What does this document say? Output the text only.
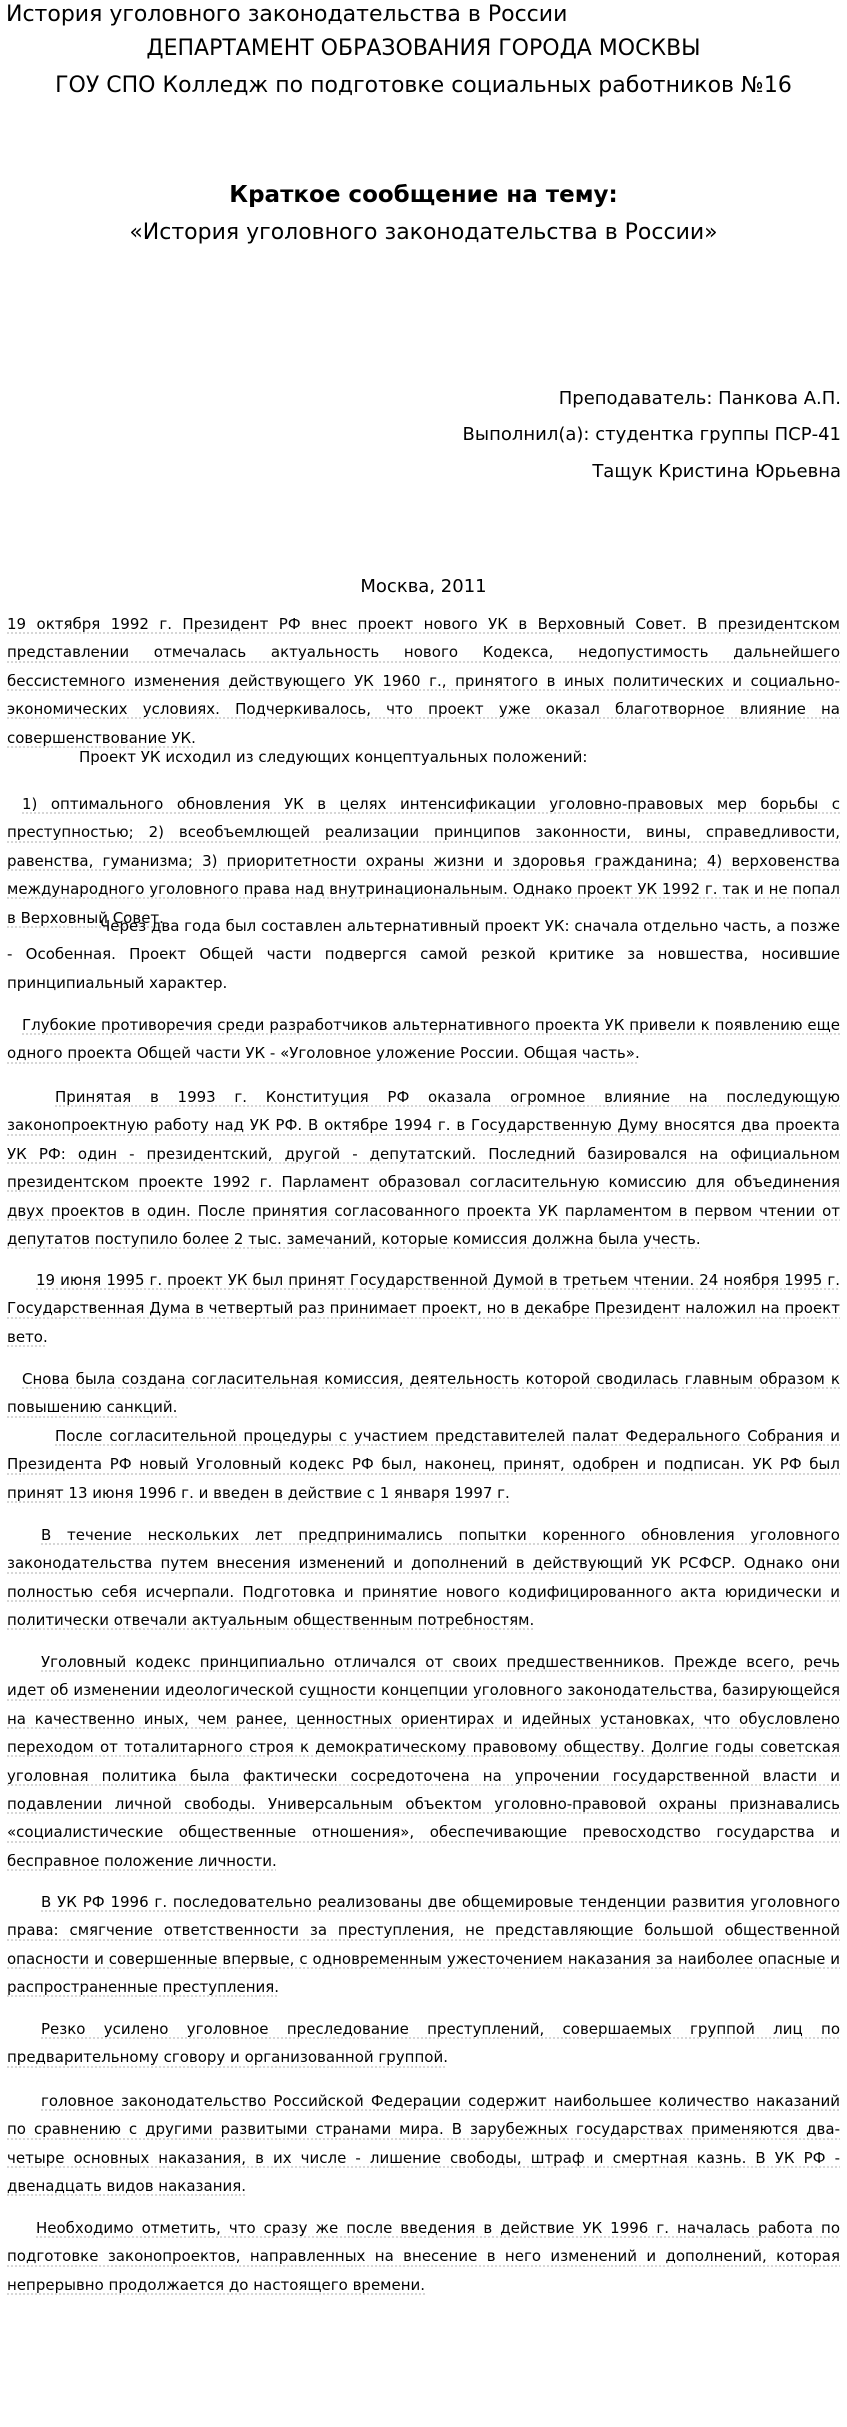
История уголовного законодательства в России
ДЕПАРТАМЕНТ ОБРАЗОВАНИЯ ГОРОДА МОСКВЫ
ГОУ СПО Колледж по подготовке социальных работников №16
Краткое сообщение на тему:
«История уголовного законодательства в России»
Преподаватель: Панкова А.П.
Выполнил(а): студентка группы ПСР-41
Тащук Кристина Юрьевна
Москва, 2011
19 октября 1992 г. Президент РФ внес проект нового УК в Верховный Совет. В президентском представлении отмечалась актуальность нового Кодекса, недопустимость дальнейшего бессистемного изменения действующего УК 1960 г., принятого в иных политических и социально-экономических условиях. Подчеркивалось, что проект уже оказал благотворное влияние на совершенствование УК.
Проект УК исходил из следующих концептуальных положений:
1) оптимального обновления УК в целях интенсификации уголовно-правовых мер борьбы с преступностью; 2) всеобъемлющей реализации принципов законности, вины, справедливости, равенства, гуманизма; 3) приоритетности охраны жизни и здоровья гражданина; 4) верховенства международного уголовного права над внутринациональным. Однако проект УК 1992 г. так и не попал в Верховный Совет.
Через два года был составлен альтернативный проект УК: сначала отдельно часть, а позже - Особенная. Проект Общей части подвергся самой резкой критике за новшества, носившие принципиальный характер.
Глубокие противоречия среди разработчиков альтернативного проекта УК привели к появлению еще одного проекта Общей части УК - «Уголовное уложение России. Общая часть».
Принятая в 1993 г. Конституция РФ оказала огромное влияние на последующую законопроектную работу над УК РФ. В октябре 1994 г. в Государственную Думу вносятся два проекта УК РФ: один - президентский, другой - депутатский. Последний базировался на официальном президентском проекте 1992 г. Парламент образовал согласительную комиссию для объединения двух проектов в один. После принятия согласованного проекта УК парламентом в первом чтении от депутатов поступило более 2 тыс. замечаний, которые комиссия должна была учесть.
19 июня 1995 г. проект УК был принят Государственной Думой в третьем чтении. 24 ноября 1995 г. Государственная Дума в четвертый раз принимает проект, но в декабре Президент наложил на проект вето.
Снова была создана согласительная комиссия, деятельность которой сводилась главным образом к повышению санкций.
После согласительной процедуры с участием представителей палат Федерального Собрания и Президента РФ новый Уголовный кодекс РФ был, наконец, принят, одобрен и подписан. УК РФ был принят 13 июня 1996 г. и введен в действие с 1 января 1997 г.
В течение нескольких лет предпринимались попытки коренного обновления уголовного законодательства путем внесения изменений и дополнений в действующий УК РСФСР. Однако они полностью себя исчерпали. Подготовка и принятие нового кодифицированного акта юридически и политически отвечали актуальным общественным потребностям.
Уголовный кодекс принципиально отличался от своих предшественников. Прежде всего, речь идет об изменении идеологической сущности концепции уголовного законодательства, базирующейся на качественно иных, чем ранее, ценностных ориентирах и идейных установках, что обусловлено переходом от тоталитарного строя к демократическому правовому обществу. Долгие годы советская уголовная политика была фактически сосредоточена на упрочении государственной власти и подавлении личной свободы. Универсальным объектом уголовно-правовой охраны признавались «социалистические общественные отношения», обеспечивающие превосходство государства и бесправное положение личности.
В УК РФ 1996 г. последовательно реализованы две общемировые тенденции развития уголовного права: смягчение ответственности за преступления, не представляющие большой общественной опасности и совершенные впервые, с одновременным ужесточением наказания за наиболее опасные и распространенные преступления.
Резко усилено уголовное преследование преступлений, совершаемых группой лиц по предварительному сговору и организованной группой.
головное законодательство Российской Федерации содержит наибольшее количество наказаний по сравнению с другими развитыми странами мира. В зарубежных государствах применяются два-четыре основных наказания, в их числе - лишение свободы, штраф и смертная казнь. В УК РФ - двенадцать видов наказания.
Необходимо отметить, что сразу же после введения в действие УК 1996 г. началась работа по подготовке законопроектов, направленных на внесение в него изменений и дополнений, которая непрерывно продолжается до настоящего времени.
